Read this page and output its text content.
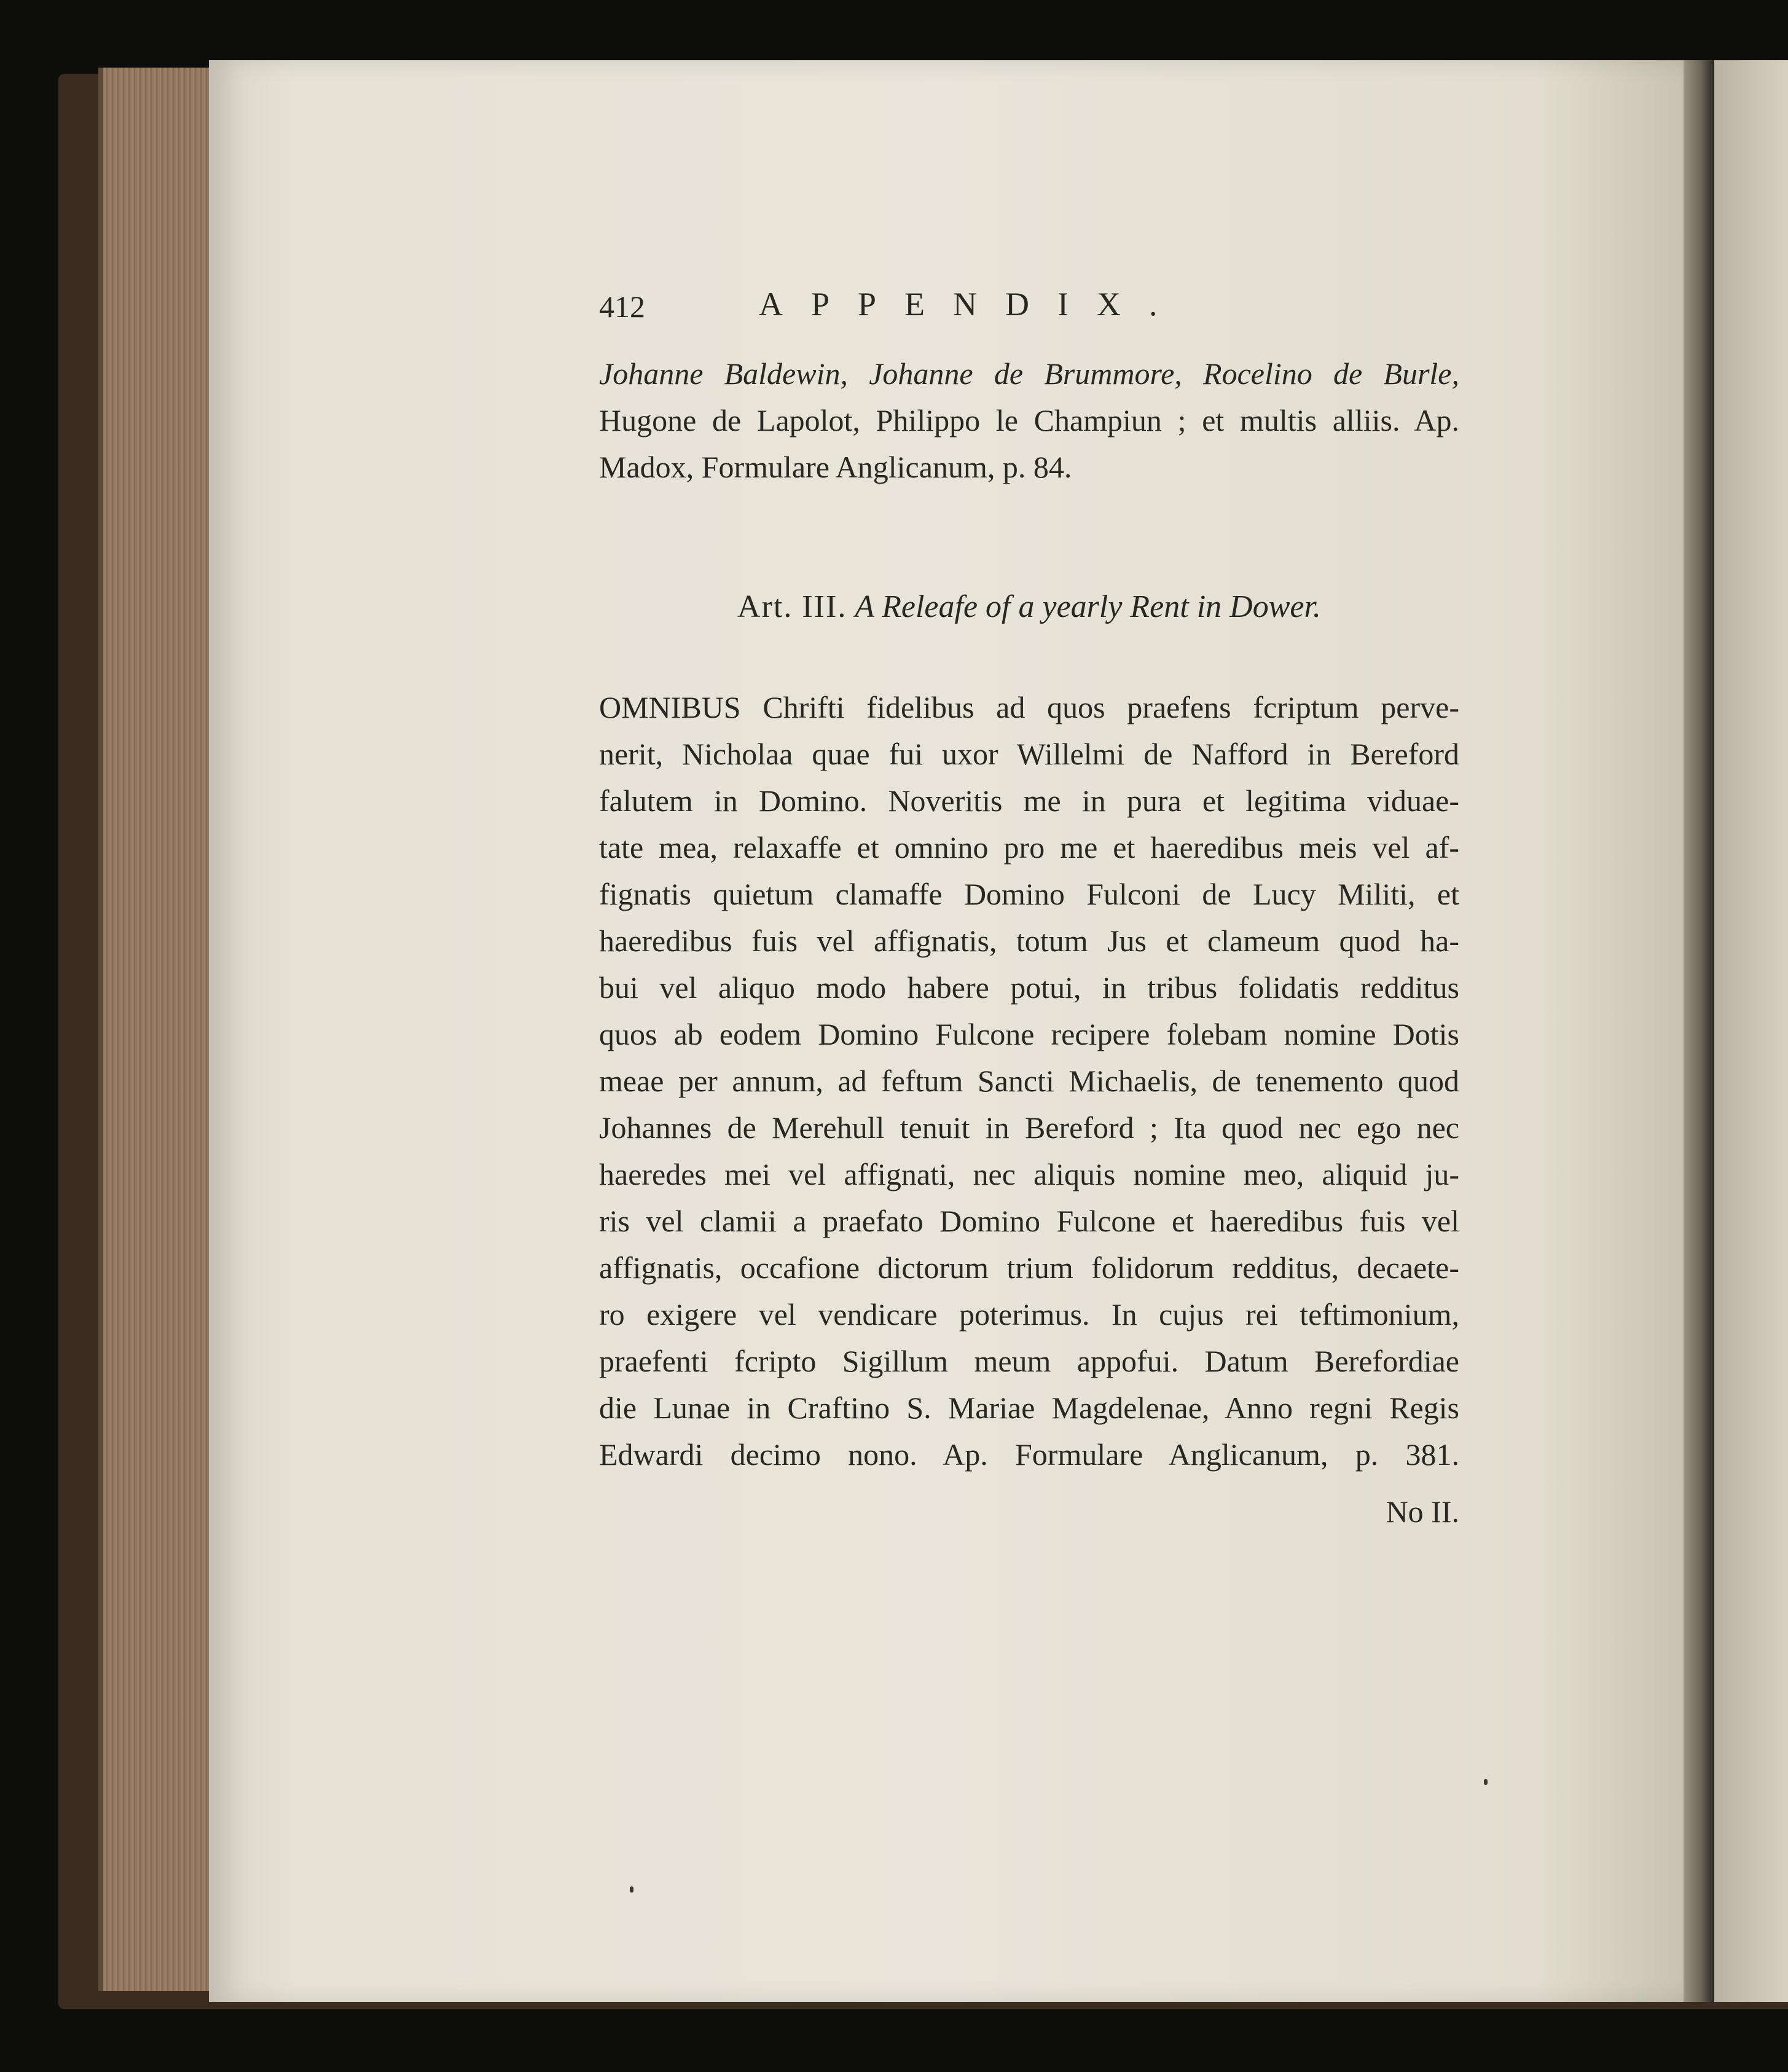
412	APPENDIX.

Johanne Baldewin, Johanne de Brummore, Rocelino de Burle,
Hugone de Lapolot, Philippo le Champiun ; et multis alliis. Ap.
Madox, Formulare Anglicanum, p. 84.

Art. III. A Releafe of a yearly Rent in Dower.

OMNIBUS Chrifti fidelibus ad quos praefens fcriptum perve-
nerit, Nicholaa quae fui uxor Willelmi de Nafford in Bereford
falutem in Domino. Noveritis me in pura et legitima viduae-
tate mea, relaxaffe et omnino pro me et haeredibus meis vel af-
fignatis quietum clamaffe Domino Fulconi de Lucy Militi, et
haeredibus fuis vel affignatis, totum Jus et clameum quod ha-
bui vel aliquo modo habere potui, in tribus folidatis redditus
quos ab eodem Domino Fulcone recipere folebam nomine Dotis
meae per annum, ad feftum Sancti Michaelis, de tenemento quod
Johannes de Merehull tenuit in Bereford ; Ita quod nec ego nec
haeredes mei vel affignati, nec aliquis nomine meo, aliquid ju-
ris vel clamii a praefato Domino Fulcone et haeredibus fuis vel
affignatis, occafione dictorum trium folidorum redditus, decaete-
ro exigere vel vendicare poterimus. In cujus rei teftimonium,
praefenti fcripto Sigillum meum appofui. Datum Berefordiae
die Lunae in Craftino S. Mariae Magdelenae, Anno regni Regis
Edwardi decimo nono. Ap. Formulare Anglicanum, p. 381.

No II.
